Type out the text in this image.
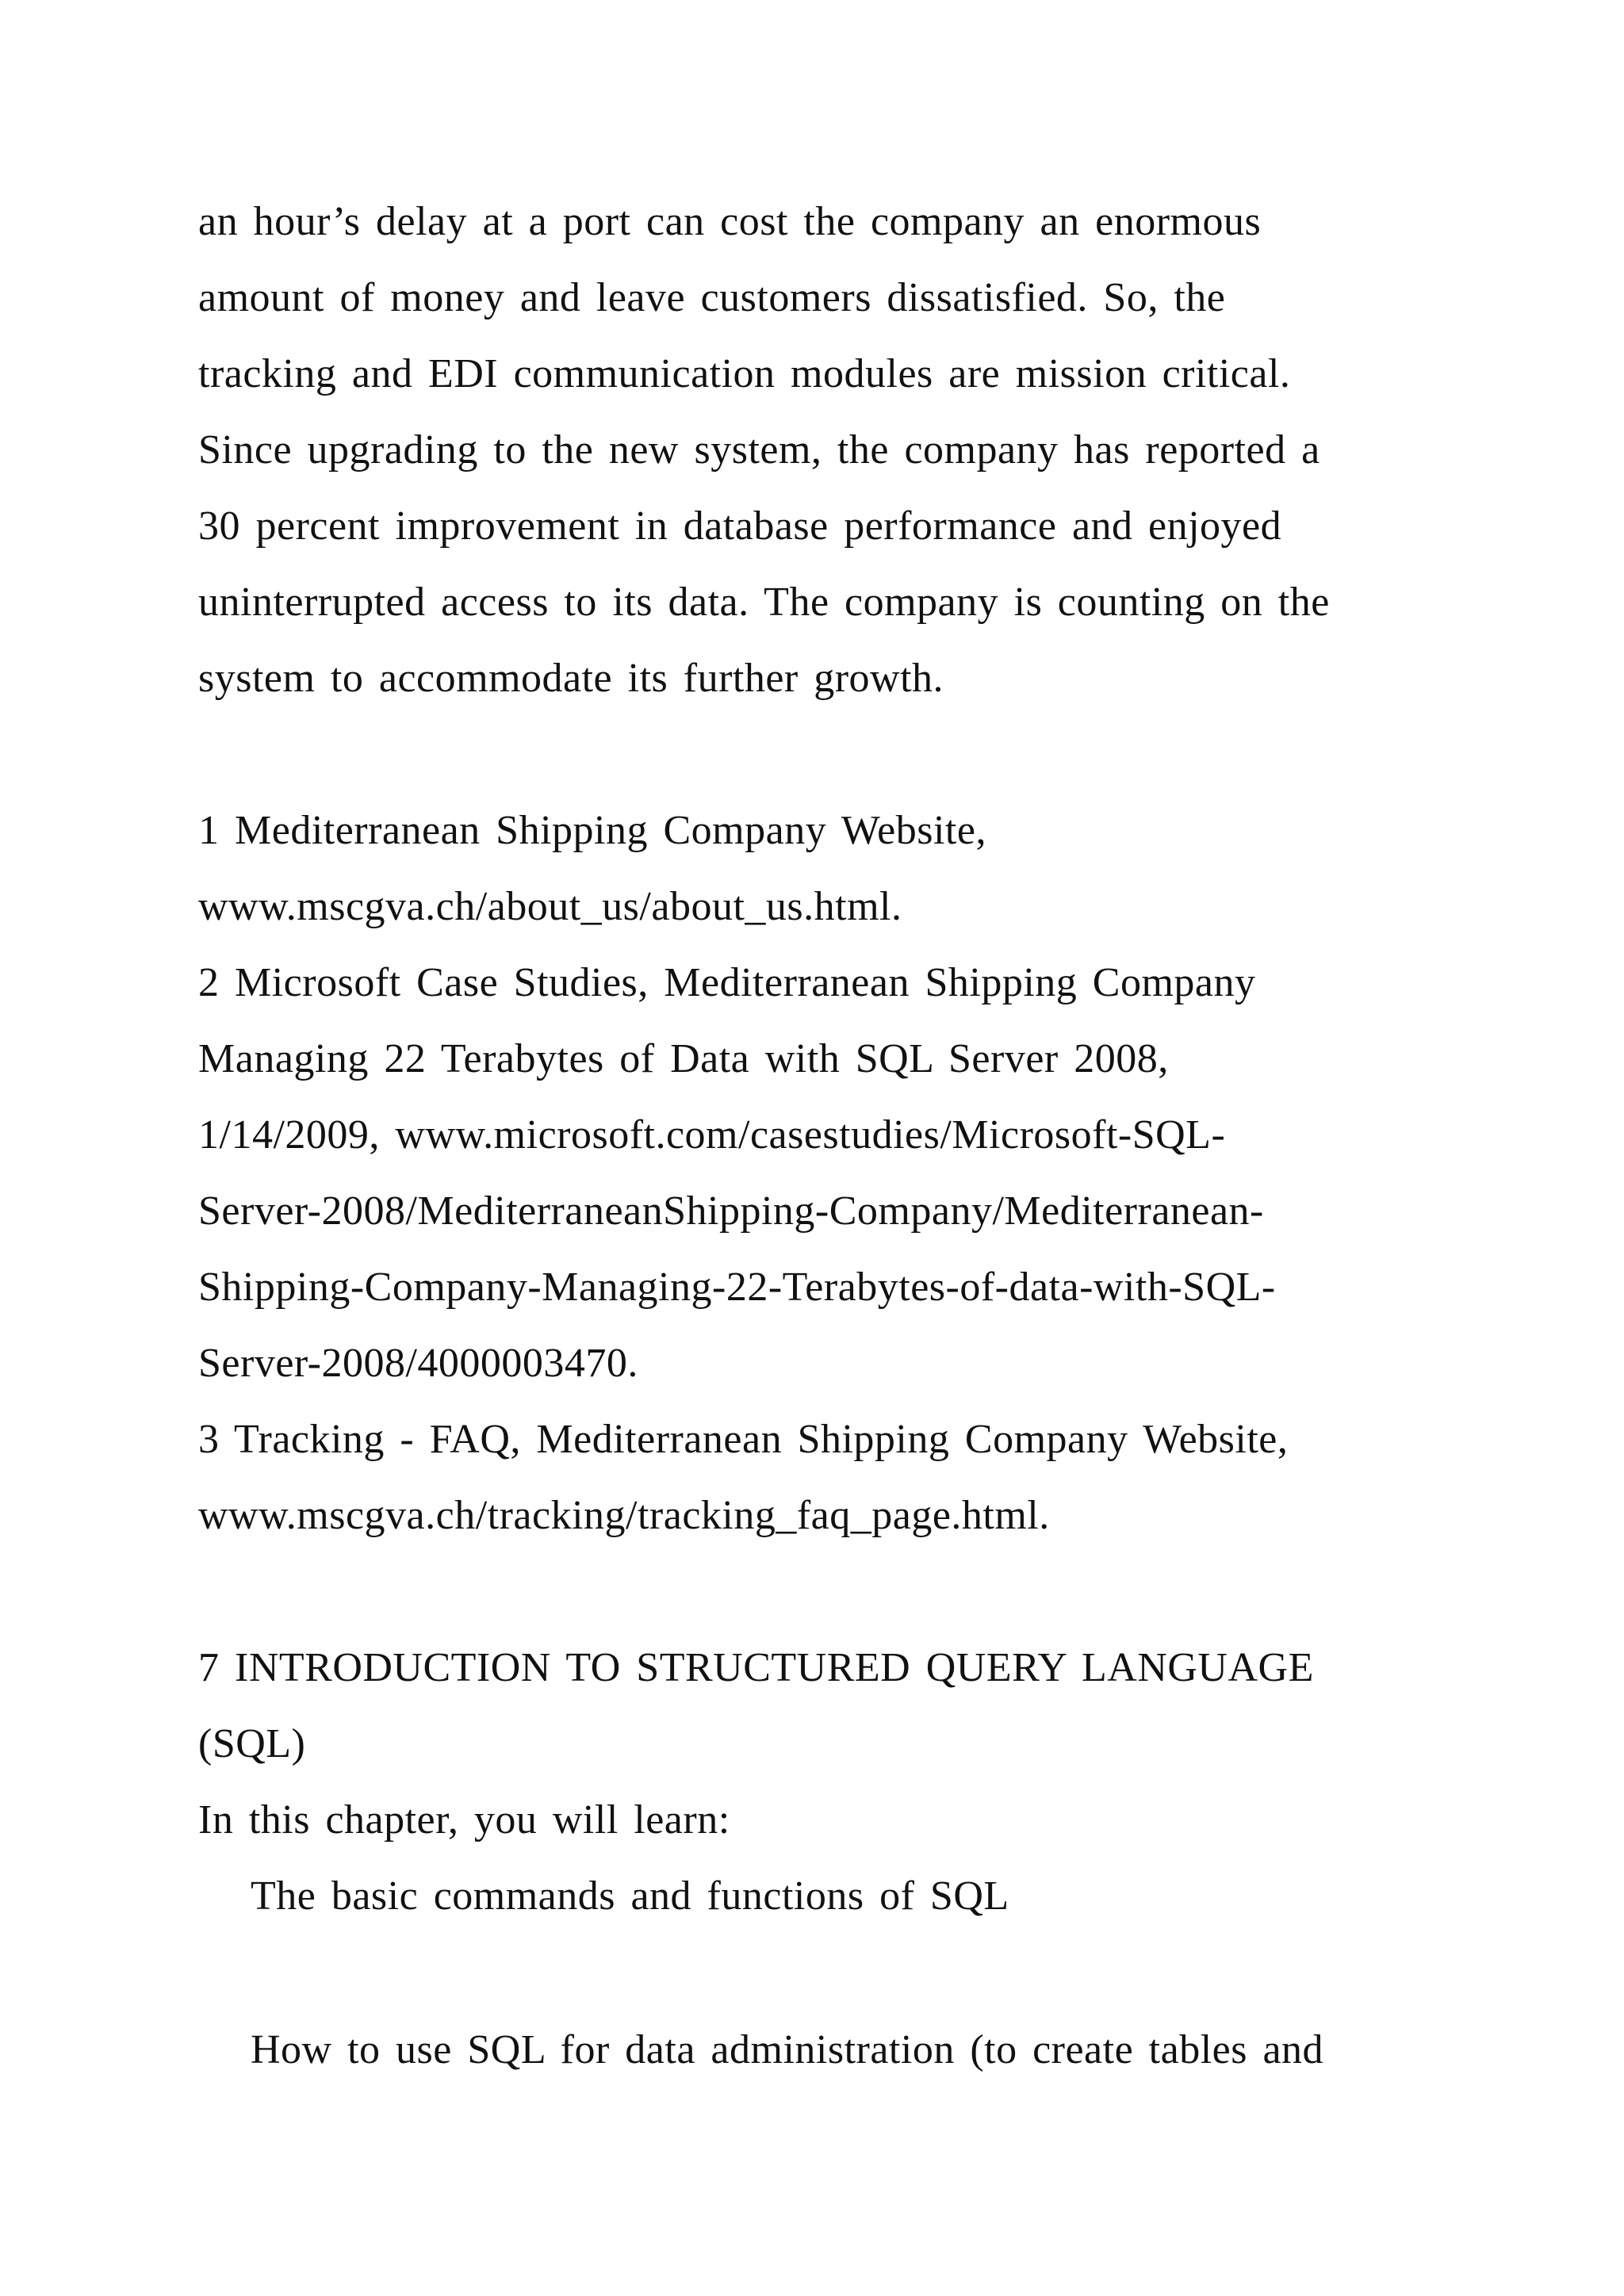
an hour’s delay at a port can cost the company an enormous

amount of money and leave customers dissatisfied. So, the

tracking and EDI communication modules are mission critical.

Since upgrading to the new system, the company has reported a

30 percent improvement in database performance and enjoyed

uninterrupted access to its data. The company is counting on the

system to accommodate its further growth.

1 Mediterranean Shipping Company Website,

www.mscgva.ch/about_us/about_us.html.

2 Microsoft Case Studies, Mediterranean Shipping Company

Managing 22 Terabytes of Data with SQL Server 2008,

1/14/2009, www.microsoft.com/casestudies/Microsoft-SQL-

Server-2008/MediterraneanShipping-Company/Mediterranean-

Shipping-Company-Managing-22-Terabytes-of-data-with-SQL-

Server-2008/4000003470.

3 Tracking - FAQ, Mediterranean Shipping Company Website,

www.mscgva.ch/tracking/tracking_faq_page.html.

7 INTRODUCTION TO STRUCTURED QUERY LANGUAGE

(SQL)

In this chapter, you will learn:

The basic commands and functions of SQL

How to use SQL for data administration (to create tables and
